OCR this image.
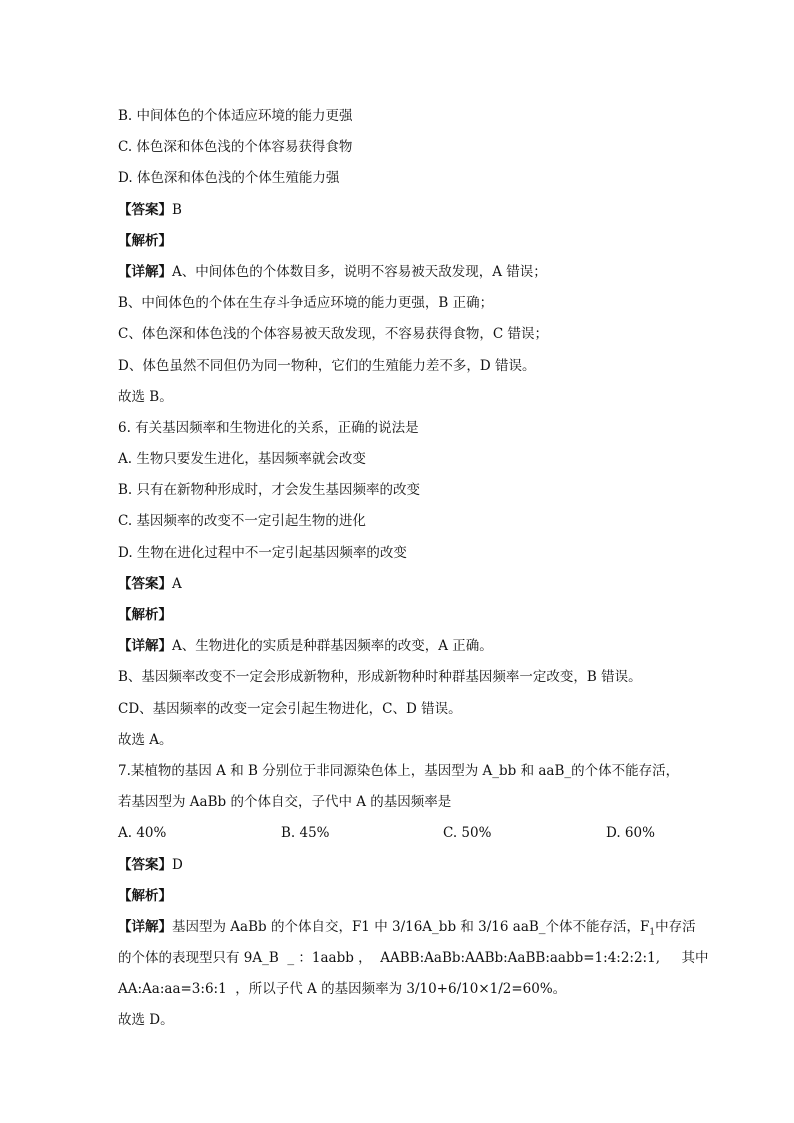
B. 中间体色的个体适应环境的能力更强
C. 体色深和体色浅的个体容易获得食物
D. 体色深和体色浅的个体生殖能力强
【答案】B
【解析】
【详解】A、中间体色的个体数目多，说明不容易被天敌发现，A 错误；
B、中间体色的个体在生存斗争适应环境的能力更强，B 正确；
C、体色深和体色浅的个体容易被天敌发现，不容易获得食物，C 错误；
D、体色虽然不同但仍为同一物种，它们的生殖能力差不多，D 错误。
故选 B。
6. 有关基因频率和生物进化的关系，正确的说法是
A. 生物只要发生进化，基因频率就会改变
B. 只有在新物种形成时，才会发生基因频率的改变
C. 基因频率的改变不一定引起生物的进化
D. 生物在进化过程中不一定引起基因频率的改变
【答案】A
【解析】
【详解】A、生物进化的实质是种群基因频率的改变，A 正确。
B、基因频率改变不一定会形成新物种，形成新物种时种群基因频率一定改变，B 错误。
CD、基因频率的改变一定会引起生物进化，C、D 错误。
故选 A。
7.某植物的基因 A 和 B 分别位于非同源染色体上，基因型为 A_bb 和 aaB_的个体不能存活，
若基因型为 AaBb 的个体自交，子代中 A 的基因频率是
A. 40%	B. 45%	C. 50%	D. 60%
【答案】D
【解析】
【详解】基因型为 AaBb 的个体自交，F1 中 3/16A_bb 和 3/16 aaB_个体不能存活，$F_1$中存活
的个体的表现型只有 9A_B  _ ：1aabb ，  AABB:AaBb:AABb:AaBB:aabb=1:4:2:2:1,     其中
AA:Aa:aa=3:6:1  ，所以子代 A 的基因频率为 3/10+6/10×1/2=60%。
故选 D。
